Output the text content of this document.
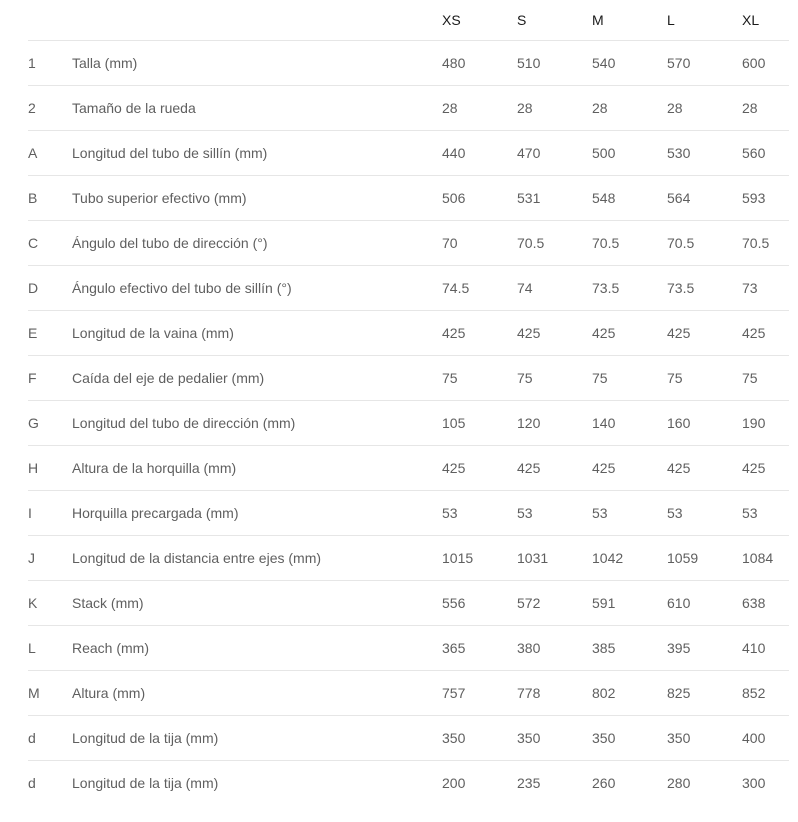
		XS	S	M	L	XL
1	Talla (mm)	480	510	540	570	600
2	Tamaño de la rueda	28	28	28	28	28
A	Longitud del tubo de sillín (mm)	440	470	500	530	560
B	Tubo superior efectivo (mm)	506	531	548	564	593
C	Ángulo del tubo de dirección (°)	70	70.5	70.5	70.5	70.5
D	Ángulo efectivo del tubo de sillín (°)	74.5	74	73.5	73.5	73
E	Longitud de la vaina (mm)	425	425	425	425	425
F	Caída del eje de pedalier (mm)	75	75	75	75	75
G	Longitud del tubo de dirección (mm)	105	120	140	160	190
H	Altura de la horquilla (mm)	425	425	425	425	425
I	Horquilla precargada (mm)	53	53	53	53	53
J	Longitud de la distancia entre ejes (mm)	1015	1031	1042	1059	1084
K	Stack (mm)	556	572	591	610	638
L	Reach (mm)	365	380	385	395	410
M	Altura (mm)	757	778	802	825	852
d	Longitud de la tija (mm)	350	350	350	350	400
d	Longitud de la tija (mm)	200	235	260	280	300
